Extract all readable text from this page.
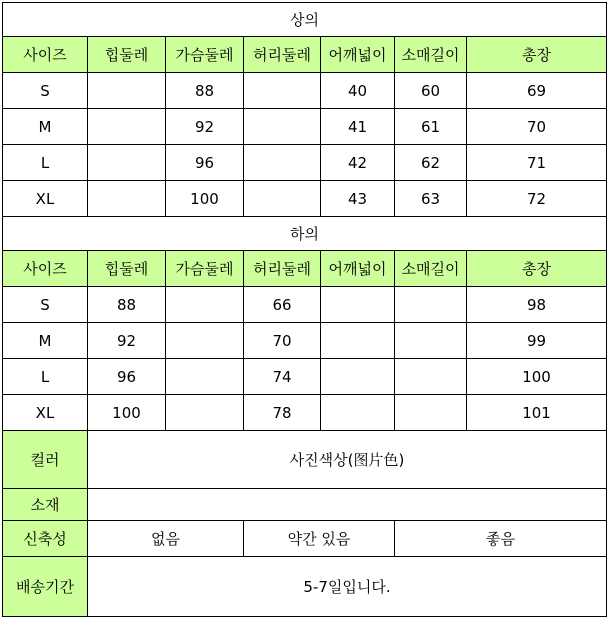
상의						
사이즈	힙둘레	가슴둘레	허리둘레	어깨넓이	소매길이	총장
S		88		40	60	69
M		92		41	61	70
L		96		42	62	71
XL		100		43	63	72
하의						
사이즈	힙둘레	가슴둘레	허리둘레	어깨넓이	소매길이	총장
S	88		66			98
M	92		70			99
L	96		74			100
XL	100		78			101
컬러	사진색상(图片色)					
소재						
신축성	없음		약간 있음		좋음	
배송기간	5-7일입니다.					
